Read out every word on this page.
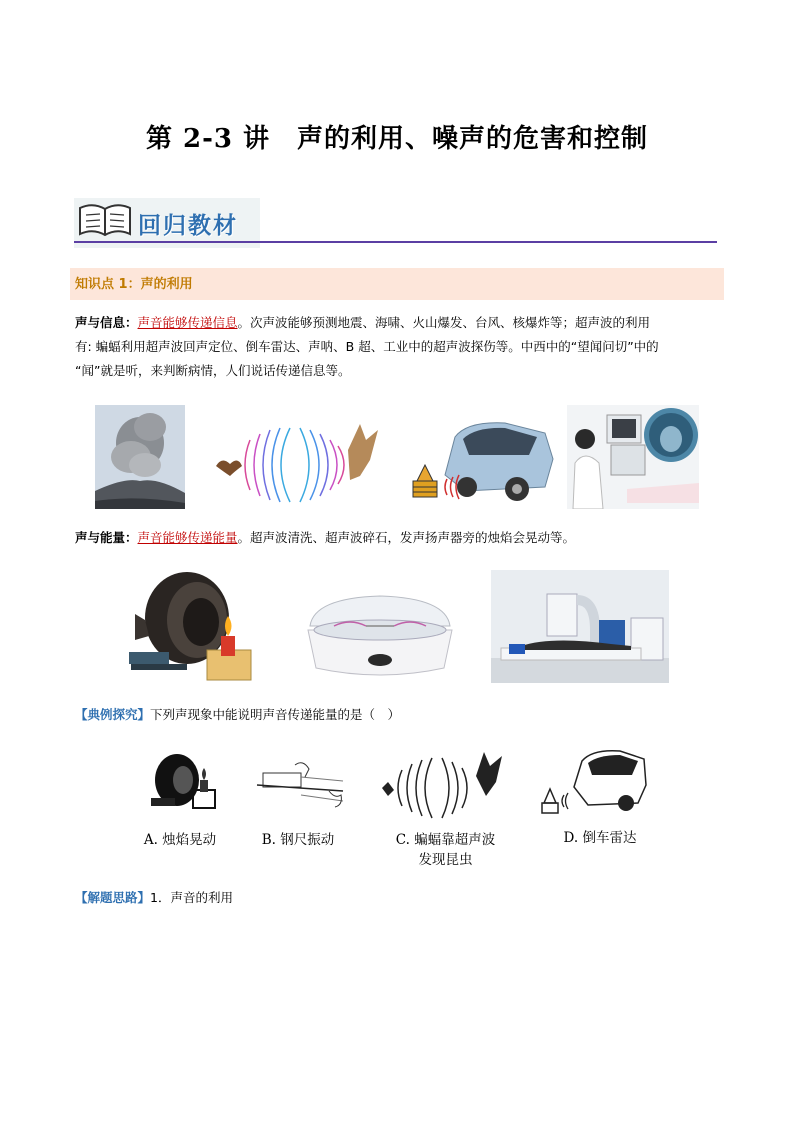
第 2-3 讲　声的利用、噪声的危害和控制
回归教材
知识点 1：声的利用
声与信息：声音能够传递信息。次声波能够预测地震、海啸、火山爆发、台风、核爆炸等；超声波的利用
有: 蝙蝠利用超声波回声定位、倒车雷达、声呐、B 超、工业中的超声波探伤等。中西中的“望闻问切”中的
“闻”就是听，来判断病情，人们说话传递信息等。
声与能量：声音能够传递能量。超声波清洗、超声波碎石，发声扬声器旁的烛焰会晃动等。
【典例探究】下列声现象中能说明声音传递能量的是（　）
A. 烛焰晃动	B. 钢尺振动	C. 蝙蝠靠超声波
发现昆虫
D. 倒车雷达
【解题思路】1．声音的利用
